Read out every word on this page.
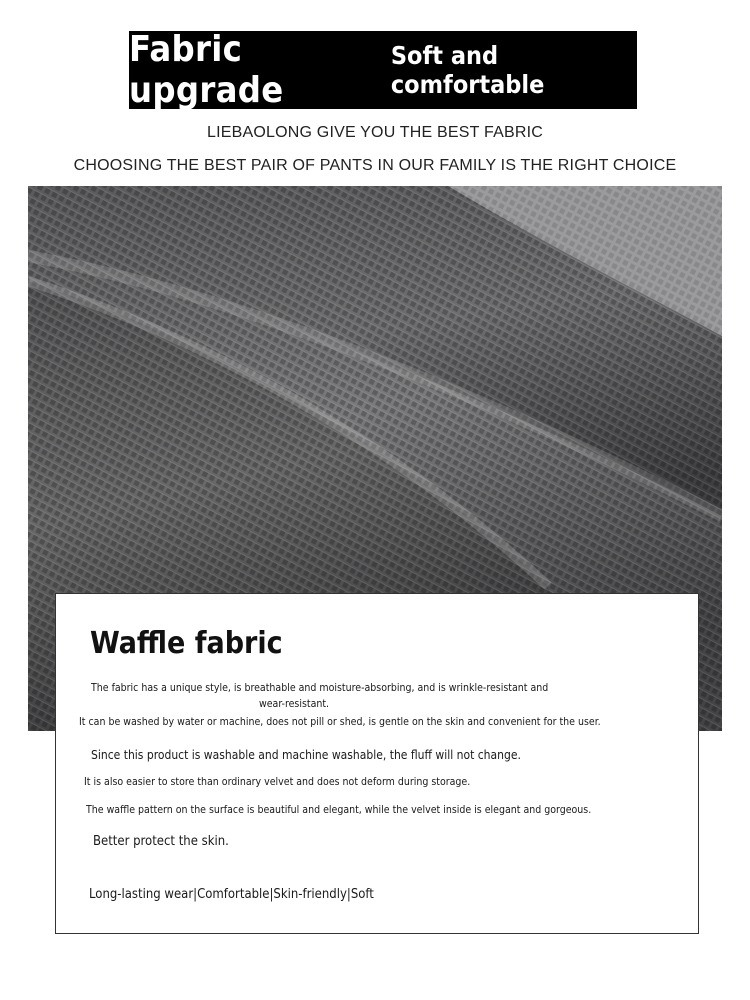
Fabric upgrade
Soft and comfortable
LIEBAOLONG GIVE YOU THE BEST FABRIC
CHOOSING THE BEST PAIR OF PANTS IN OUR FAMILY IS THE RIGHT CHOICE
Waffle fabric
The fabric has a unique style, is breathable and moisture-absorbing, and is wrinkle-resistant and
wear-resistant.
It can be washed by water or machine, does not pill or shed, is gentle on the skin and convenient for the user.
Since this product is washable and machine washable, the fluff will not change.
It is also easier to store than ordinary velvet and does not deform during storage.
The waffle pattern on the surface is beautiful and elegant, while the velvet inside is elegant and gorgeous.
Better protect the skin.
Long-lasting wear|Comfortable|Skin-friendly|Soft
